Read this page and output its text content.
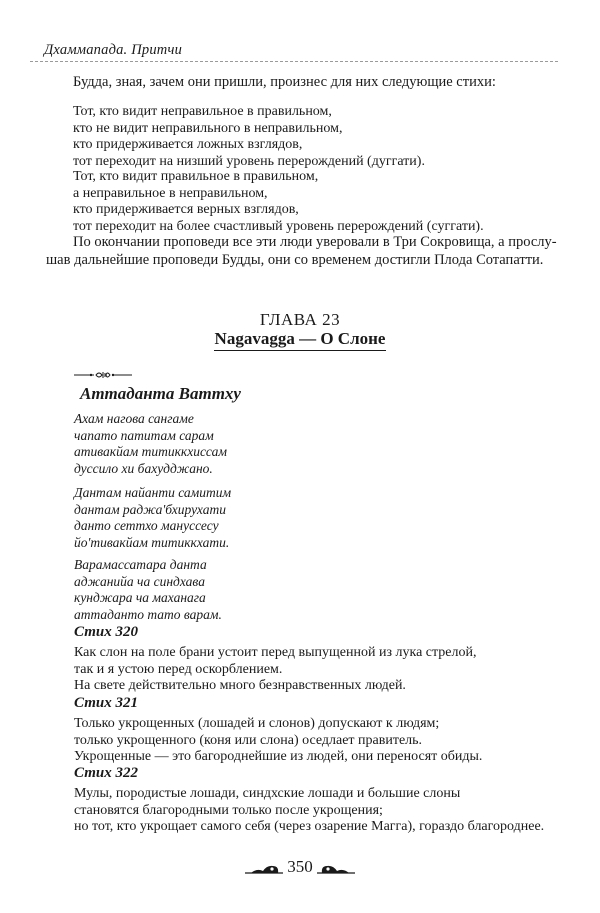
Дхаммапада. Притчи
Будда, зная, зачем они пришли, произнес для них следующие стихи:
Тот, кто видит неправильное в правильном,
кто не видит неправильного в неправильном,
кто придерживается ложных взглядов,
тот переходит на низший уровень перерождений (дуггати).
Тот, кто видит правильное в правильном,
а неправильное в неправильном,
кто придерживается верных взглядов,
тот переходит на более счастливый уровень перерождений (суггати).
По окончании проповеди все эти люди уверовали в Три Сокровища, а прослу-
шав дальнейшие проповеди Будды, они со временем достигли Плода Сотапатти.
ГЛАВА 23
Nagavagga — О Слоне
Аттаданта Ваттху
Ахам нагова сангаме
чапато патитам сарам
ативакйам титиккхиссам
дуссило хи бахудджано.
Дантам найанти самитим
дантам раджа'бхирухати
данто сеттхо мануссесу
йо'тивакйам титиккхати.
Варамассатара данта
аджанийа ча синдхава
кунджара ча маханага
аттаданто тато варам.
Стих 320
Как слон на поле брани устоит перед выпущенной из лука стрелой,
так и я устою перед оскорблением.
На свете действительно много безнравственных людей.
Стих 321
Только укрощенных (лошадей и слонов) допускают к людям;
только укрощенного (коня или слона) оседлает правитель.
Укрощенные — это багороднейшие из людей, они переносят обиды.
Стих 322
Мулы, породистые лошади, синдхские лошади и большие слоны
становятся благородными только после укрощения;
но тот, кто укрощает самого себя (через озарение Магга), гораздо благороднее.
350
